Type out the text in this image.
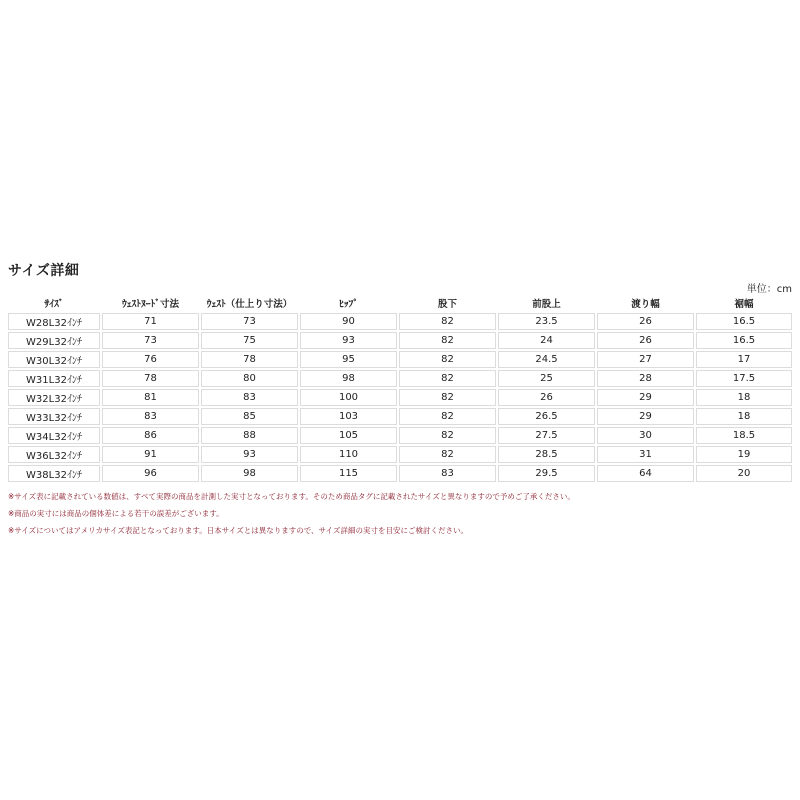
サイズ詳細
単位：cm
ｻｲｽﾞ	ｳｪｽﾄﾇｰﾄﾞ寸法	ｳｪｽﾄ（仕上り寸法）	ﾋｯﾌﾟ	股下	前股上	渡り幅	裾幅
W28L32ｲﾝﾁ	71	73	90	82	23.5	26	16.5
W29L32ｲﾝﾁ	73	75	93	82	24	26	16.5
W30L32ｲﾝﾁ	76	78	95	82	24.5	27	17
W31L32ｲﾝﾁ	78	80	98	82	25	28	17.5
W32L32ｲﾝﾁ	81	83	100	82	26	29	18
W33L32ｲﾝﾁ	83	85	103	82	26.5	29	18
W34L32ｲﾝﾁ	86	88	105	82	27.5	30	18.5
W36L32ｲﾝﾁ	91	93	110	82	28.5	31	19
W38L32ｲﾝﾁ	96	98	115	83	29.5	64	20
※サイズ表に記載されている数値は、すべて実際の商品を計測した実寸となっております。そのため商品タグに記載されたサイズと異なりますので予めご了承ください。
※商品の実寸には商品の個体差による若干の誤差がございます。
※サイズについてはアメリカサイズ表記となっております。日本サイズとは異なりますので、サイズ詳細の実寸を目安にご検討ください。
